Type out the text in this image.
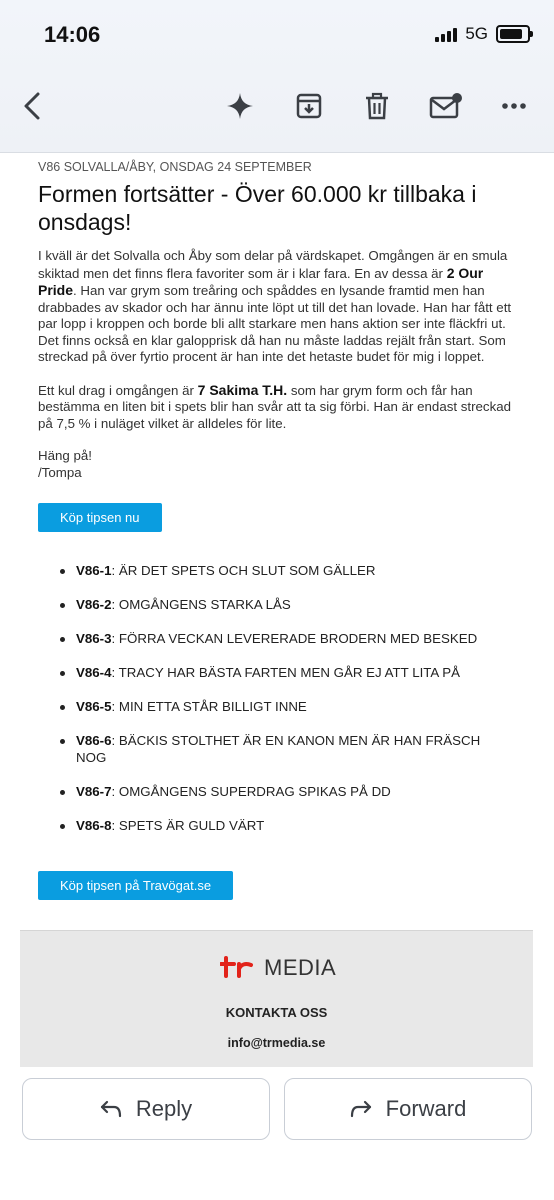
14:06	5G

V86 SOLVALLA/ÅBY, ONSDAG 24 SEPTEMBER

Formen fortsätter - Över 60.000 kr tillbaka i onsdags!

I kväll är det Solvalla och Åby som delar på värdskapet. Omgången är en smula skiktad men det finns flera favoriter som är i klar fara. En av dessa är 2 Our Pride. Han var grym som treåring och spåddes en lysande framtid men han drabbades av skador och har ännu inte löpt ut till det han lovade. Han har fått ett par lopp i kroppen och borde bli allt starkare men hans aktion ser inte fläckfri ut. Det finns också en klar galopprisk då han nu måste laddas rejält från start. Som streckad på över fyrtio procent är han inte det hetaste budet för mig i loppet.

Ett kul drag i omgången är 7 Sakima T.H. som har grym form och får han bestämma en liten bit i spets blir han svår att ta sig förbi. Han är endast streckad på 7,5 % i nuläget vilket är alldeles för lite.

Häng på!
/Tompa

Köp tipsen nu
V86-1: ÄR DET SPETS OCH SLUT SOM GÄLLER
V86-2: OMGÅNGENS STARKA LÅS
V86-3: FÖRRA VECKAN LEVERERADE BRODERN MED BESKED
V86-4: TRACY HAR BÄSTA FARTEN MEN GÅR EJ ATT LITA PÅ
V86-5: MIN ETTA STÅR BILLIGT INNE
V86-6: BÄCKIS STOLTHET ÄR EN KANON MEN ÄR HAN FRÄSCH NOG
V86-7: OMGÅNGENS SUPERDRAG SPIKAS PÅ DD
V86-8: SPETS ÄR GULD VÄRT
Köp tipsen på Travögat.se
MEDIA
KONTAKTA OSS
info@trmedia.se
Reply	Forward
